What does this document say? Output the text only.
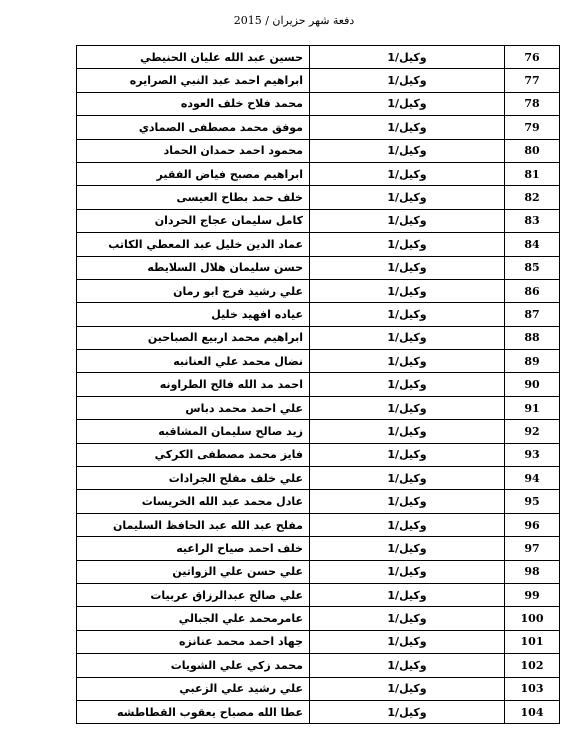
دفعة شهر حزيران / 2015
76	وكيل/1	حسين عبد الله عليان الحنيطي
77	وكيل/1	ابراهيم احمد عبد النبي الصرايره
78	وكيل/1	محمد فلاح خلف العوده
79	وكيل/1	موفق محمد مصطفى الصمادي
80	وكيل/1	محمود احمد حمدان الحماد
81	وكيل/1	ابراهيم مصبح فياض الفقير
82	وكيل/1	خلف حمد بطاح العيسى
83	وكيل/1	كامل سليمان عجاج الحردان
84	وكيل/1	عماد الدين خليل عبد المعطي الكاتب
85	وكيل/1	حسن سليمان هلال السلايطه
86	وكيل/1	علي رشيد فرج ابو رمان
87	وكيل/1	عياده افهيد خليل
88	وكيل/1	ابراهيم محمد اربيع الصباحين
89	وكيل/1	نضال محمد علي العنانبه
90	وكيل/1	احمد مد الله فالح الطراونه
91	وكيل/1	علي احمد محمد دباس
92	وكيل/1	زيد صالح سليمان المشاقبه
93	وكيل/1	فايز محمد مصطفى الكركي
94	وكيل/1	علي خلف مفلح الجرادات
95	وكيل/1	عادل محمد عبد الله الخريسات
96	وكيل/1	مفلح عبد الله عبد الحافظ السليمان
97	وكيل/1	خلف احمد صياح الراعيه
98	وكيل/1	علي حسن علي الزواتين
99	وكيل/1	علي صالح عبدالرزاق عربيات
100	وكيل/1	عامرمحمد علي الجبالي
101	وكيل/1	جهاد احمد محمد عنانزه
102	وكيل/1	محمد زكي علي الشويات
103	وكيل/1	علي رشيد علي الزعبي
104	وكيل/1	عطا الله مصباح يعقوب القطاطشه
